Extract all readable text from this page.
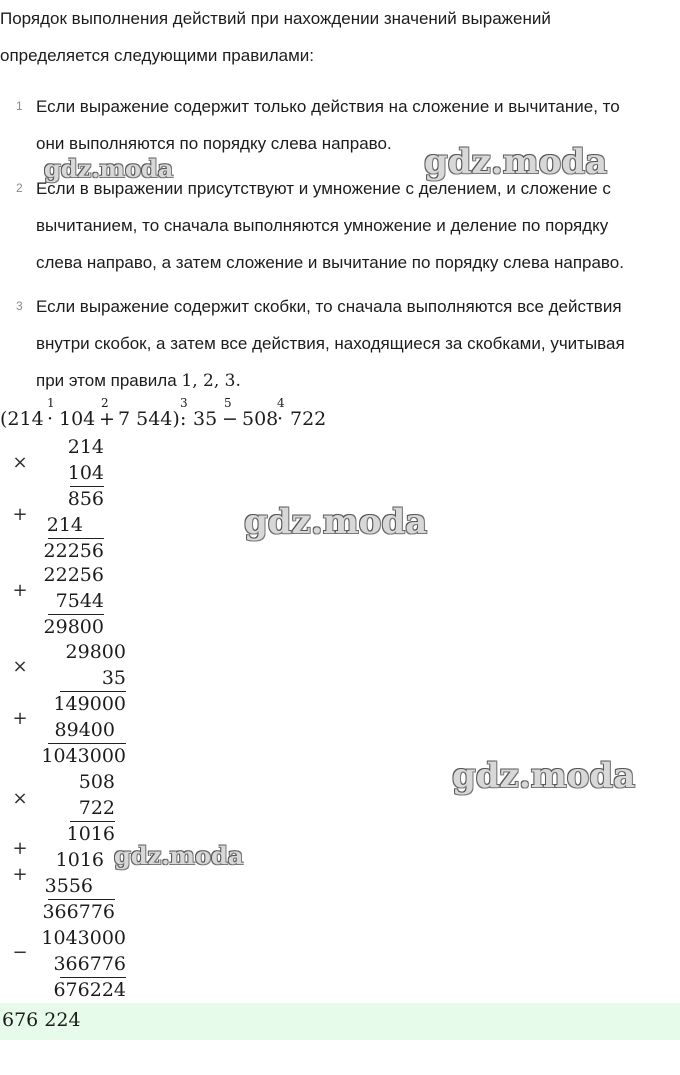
Порядок выполнения действий при нахождении значений выражений
определяется следующими правилами:

1 Если выражение содержит только действия на сложение и вычитание, то
они выполняются по порядку слева направо.
2 Если в выражении присутствуют и умножение с делением, и сложение с
вычитанием, то сначала выполняются умножение и деление по порядку
слева направо, а затем сложение и вычитание по порядку слева направо.
3 Если выражение содержит скобки, то сначала выполняются все действия
внутри скобок, а затем все действия, находящиеся за скобками, учитывая
при этом правила 1, 2, 3.
(214 ·
1
104 +
2
7 544) :
3
35 −
5
508
·
4
722
×
+
+
×
+
×
+
+
−
214
104
856
214
22256
22256
7544
29800
29800
35
149000
89400
1043000
508
722
1016
1016
3556
366776
1043000
366776
676224
676 224
gdz.moda	gdz.moda
gdz.moda
gdz.moda
gdz.moda
